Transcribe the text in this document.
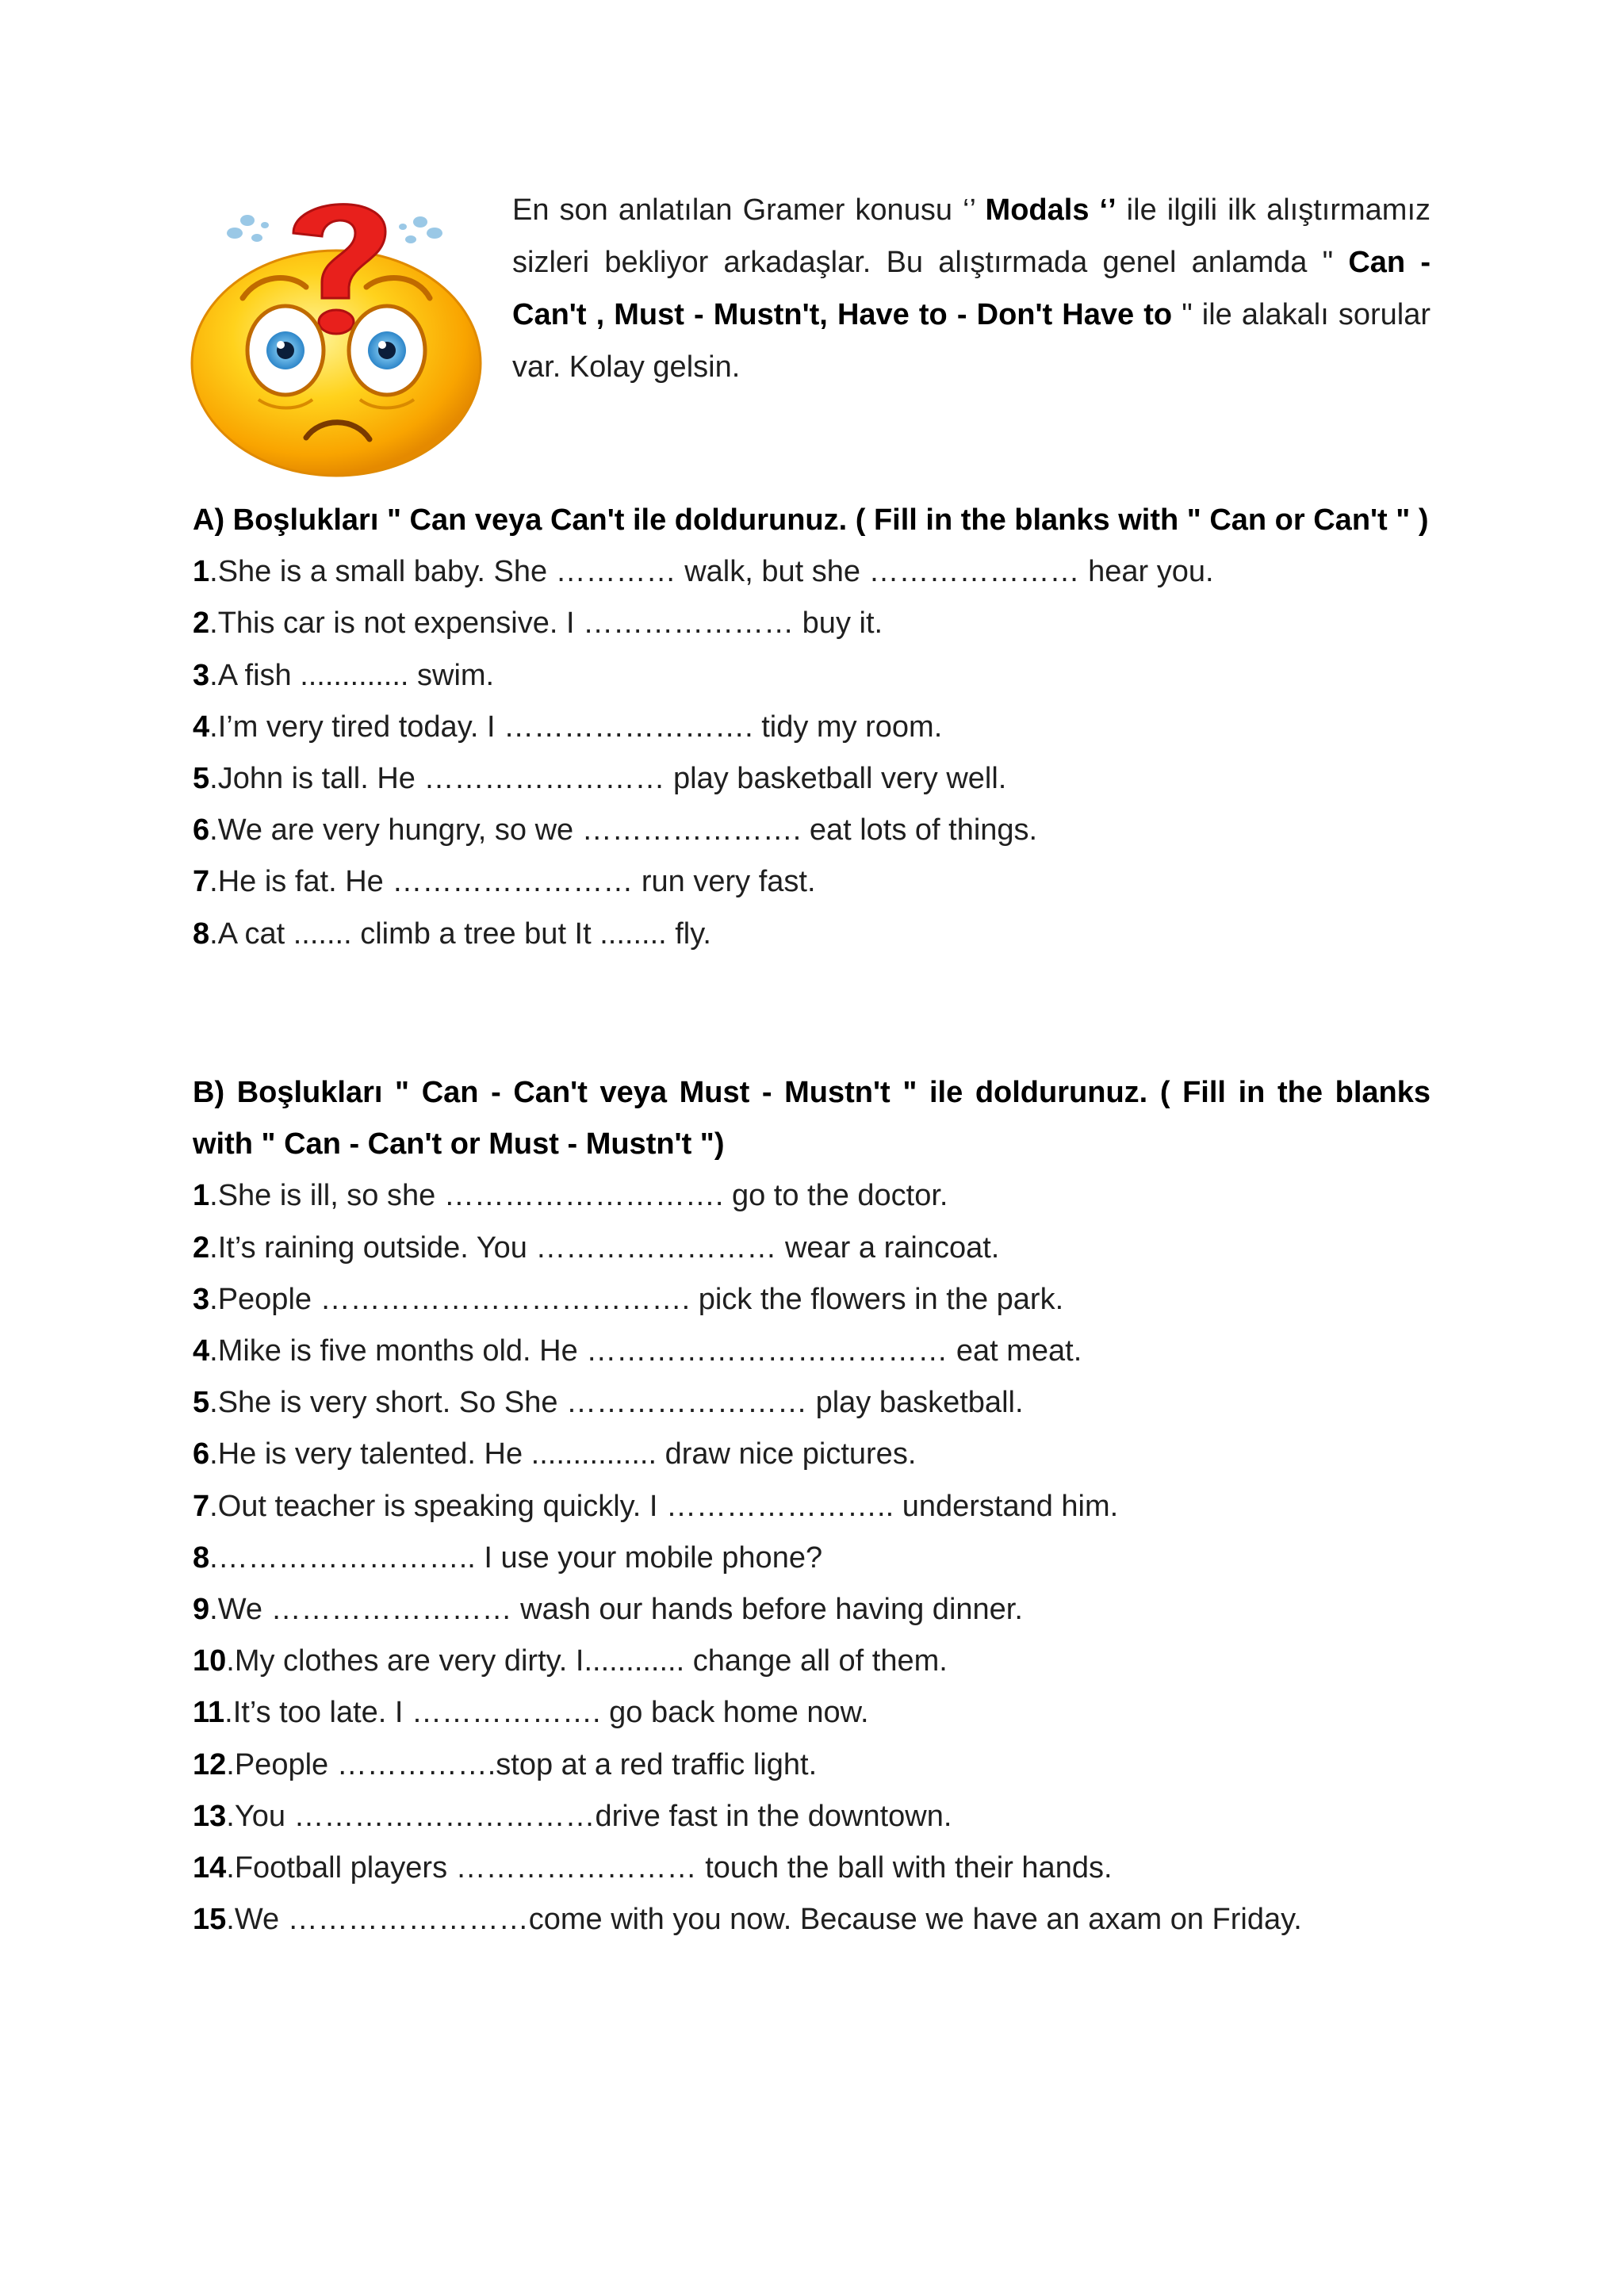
En son anlatılan Gramer konusu ‘’ Modals ‘’ ile ilgili ilk alıştırmamız sizleri bekliyor arkadaşlar. Bu alıştırmada genel anlamda " Can - Can't , Must - Mustn't, Have to - Don't Have to " ile alakalı sorular var. Kolay gelsin.
A) Boşlukları " Can veya Can't ile doldurunuz. ( Fill in the blanks with " Can or Can't " )
1.She is a small baby. She ………… walk, but she ………………… hear you.
2.This car is not expensive. I ………………… buy it.
3.A fish ............. swim.
4.I’m very tired today. I ……………………. tidy my room.
5.John is tall. He …………………… play basketball very well.
6.We are very hungry, so we …………………. eat lots of things.
7.He is fat. He …………………… run very fast.
8.A cat ....... climb a tree but It ........ fly.
B) Boşlukları " Can - Can't veya Must - Mustn't " ile doldurunuz. ( Fill in the blanks with " Can - Can't or Must - Mustn't ")
1.She is ill, so she ………………………. go to the doctor.
2.It’s raining outside. You …………………… wear a raincoat.
3.People ………………………………. pick the flowers in the park.
4.Mike is five months old. He ……………………………… eat meat.
5.She is very short. So She …………………… play basketball.
6.He is very talented. He ............... draw nice pictures.
7.Out teacher is speaking quickly. I ………………….. understand him.
8.…………………….. I use your mobile phone?
9.We …………………… wash our hands before having dinner.
10.My clothes are very dirty. I............ change all of them.
11.It’s too late. I ………………. go back home now.
12.People …………….stop at a red traffic light.
13.You …………………………drive fast in the downtown.
14.Football players …………………… touch the ball with their hands.
15.We ……………………come with you now. Because we have an axam on Friday.
